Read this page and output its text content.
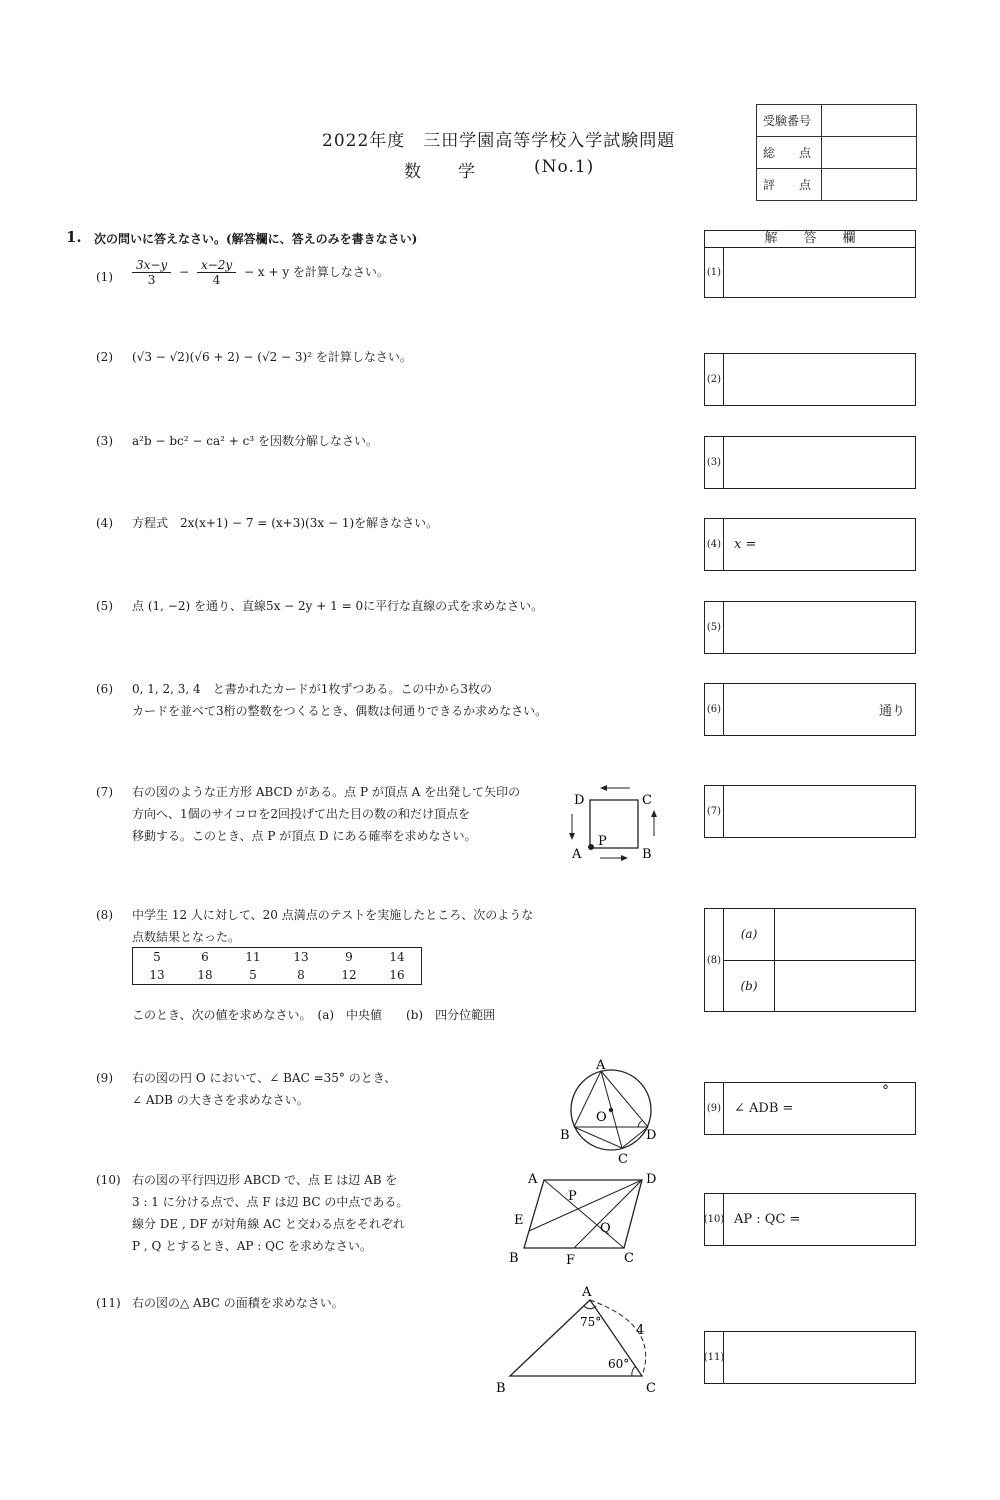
2022年度　三田学園高等学校入学試験問題
数　　学	(No.1)
受験番号	
総　　点	
評　　点	
1. 次の問いに答えなさい。(解答欄に、答えのみを書きなさい)	解　　答　　欄
(1)
$(1) \frac{3x-y}{3} - \frac{x-2y}{4} - x + y$ を計算しなさい。
(2) (√3 − √2)(√6 + 2) − (√2 − 3)² を計算しなさい。
(2)
(3) a²b − bc² − ca² + c³ を因数分解しなさい。
(3)
(4) 方程式　2x(x+1) − 7 = (x+3)(3x − 1)を解きなさい。
(4) x =
(5) 点 (1, −2) を通り、直線5x − 2y + 1 = 0に平行な直線の式を求めなさい。
(5)
(6) 0, 1, 2, 3, 4　と書かれたカードが1枚ずつある。この中から3枚の
カードを並べて3桁の整数をつくるとき、偶数は何通りできるか求めなさい。	(6)	通り
(7) 右の図のような正方形 ABCD がある。点 P が頂点 A を出発して矢印の
方向へ、1個のサイコロを2回投げて出た目の数の和だけ頂点を
移動する。このとき、点 P が頂点 D にある確率を求めなさい。
(7)
D	C
A	B
P
(8) 中学生 12 人に対して、20 点満点のテストを実施したところ、次のような
点数結果となった。
5	6	11	13	9	14
13	18	5	8	12	16
このとき、次の値を求めなさい。　(a)　中央値　　(b)　四分位範囲
(8)
(a)
(b)
(9) 右の図の円 O において、∠ BAC =35° のとき、
∠ ADB の大きさを求めなさい。
(9) ∠ ADB =
°
A
B
C
D
O
(10) 右の図の平行四辺形 ABCD で、点 E は辺 AB を
3 : 1 に分ける点で、点 F は辺 BC の中点である。
線分 DE , DF が対角線 AC と交わる点をそれぞれ
P , Q とするとき、AP : QC を求めなさい。
(10) AP : QC =
A	D
B	C
E
F
P
Q
(11) 右の図の△ ABC の面積を求めなさい。
(11)
A
B	C
75°
60°
4
